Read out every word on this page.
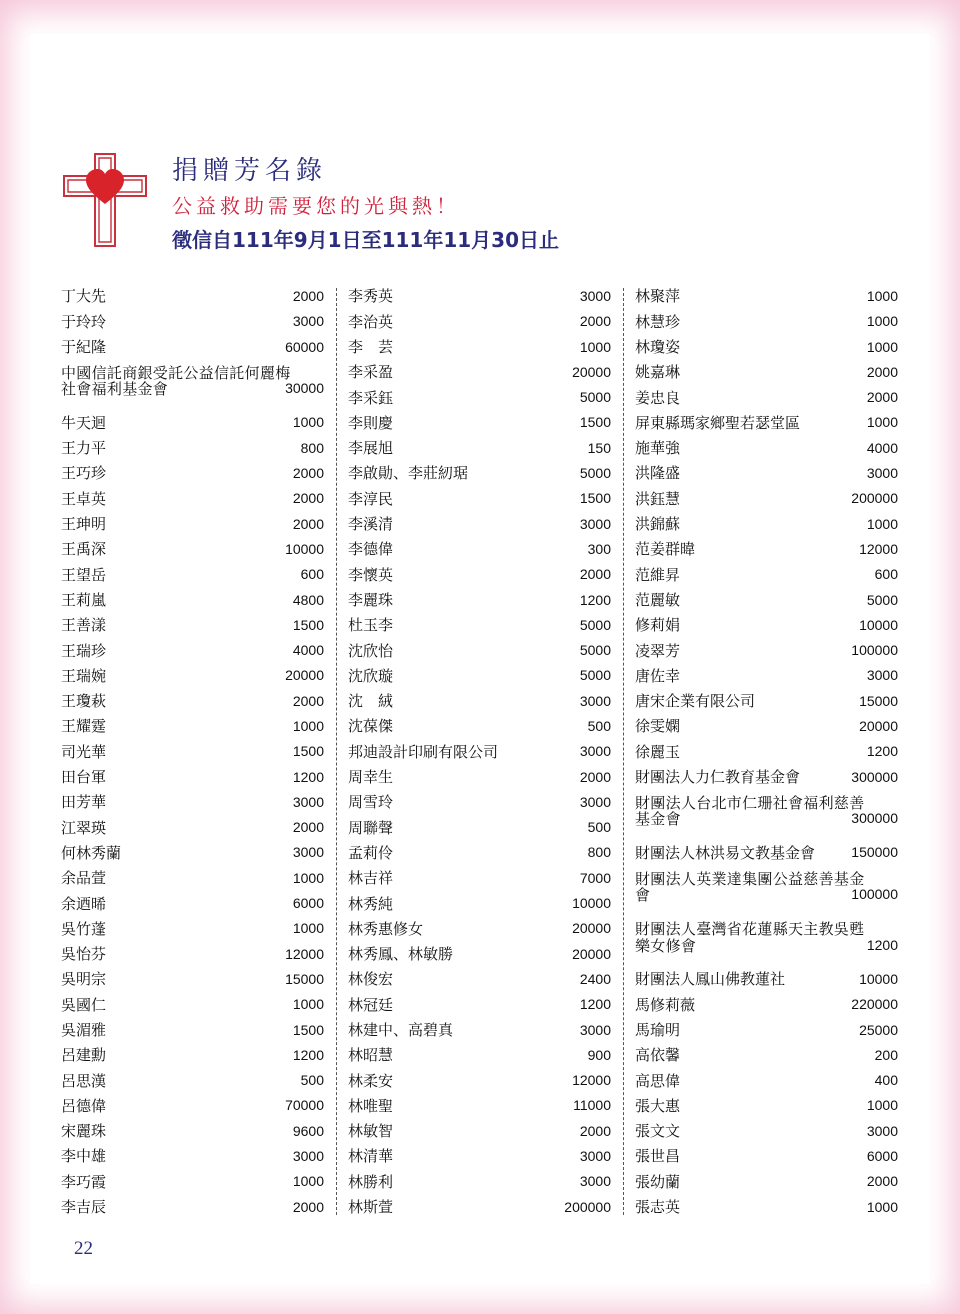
捐贈芳名錄
公益救助需要您的光與熱！
徵信自111年9月1日至111年11月30日止
丁大先	2000
于玲玲	3000
于紀隆	60000
中國信託商銀受託公益信託何麗梅
社會福利基金會	30000
牛天迴	1000
王力平	800
王巧珍	2000
王卓英	2000
王珅明	2000
王禹深	10000
王望岳	600
王莉嵐	4800
王善漾	1500
王瑞珍	4000
王瑞婉	20000
王瓊萩	2000
王耀霆	1000
司光華	1500
田台軍	1200
田芳華	3000
江翠瑛	2000
何林秀蘭	3000
余品萱	1000
余迺晞	6000
吳竹蓬	1000
吳怡芬	12000
吳明宗	15000
吳國仁	1000
吳湄雅	1500
呂建勳	1200
呂思漢	500
呂德偉	70000
宋麗珠	9600
李中雄	3000
李巧霞	1000
李吉辰	2000
李秀英	3000
李治英	2000
李　芸	1000
李采盈	20000
李采鈺	5000
李則慶	1500
李展旭	150
李啟勛、李莊紉琚	5000
李淳民	1500
李溪清	3000
李德偉	300
李懷英	2000
李麗珠	1200
杜玉李	5000
沈欣怡	5000
沈欣璇	5000
沈　絨	3000
沈葆傑	500
邦迪設計印刷有限公司	3000
周幸生	2000
周雪玲	3000
周聯聲	500
孟莉伶	800
林吉祥	7000
林秀純	10000
林秀惠修女	20000
林秀鳳、林敏勝	20000
林俊宏	2400
林冠廷	1200
林建中、高碧真	3000
林昭慧	900
林柔安	12000
林唯聖	11000
林敏智	2000
林清華	3000
林勝利	3000
林斯萱	200000
林聚萍	1000
林慧珍	1000
林瓊姿	1000
姚嘉琳	2000
姜忠良	2000
屏東縣瑪家鄉聖若瑟堂區	1000
施華強	4000
洪隆盛	3000
洪鈺慧	200000
洪錦蘇	1000
范姜群暐	12000
范維昇	600
范麗敏	5000
修莉娟	10000
凌翠芳	100000
唐佐幸	3000
唐宋企業有限公司	15000
徐雯嫻	20000
徐麗玉	1200
財團法人力仁教育基金會	300000
財團法人台北市仁珊社會福利慈善
基金會	300000
財團法人林洪易文教基金會	150000
財團法人英業達集團公益慈善基金
會	100000
財團法人臺灣省花蓮縣天主教吳甦
樂女修會	1200
財團法人鳳山佛教蓮社	10000
馬修莉薇	220000
馬瑜明	25000
高依馨	200
高思偉	400
張大惠	1000
張文文	3000
張世昌	6000
張幼蘭	2000
張志英	1000
22
